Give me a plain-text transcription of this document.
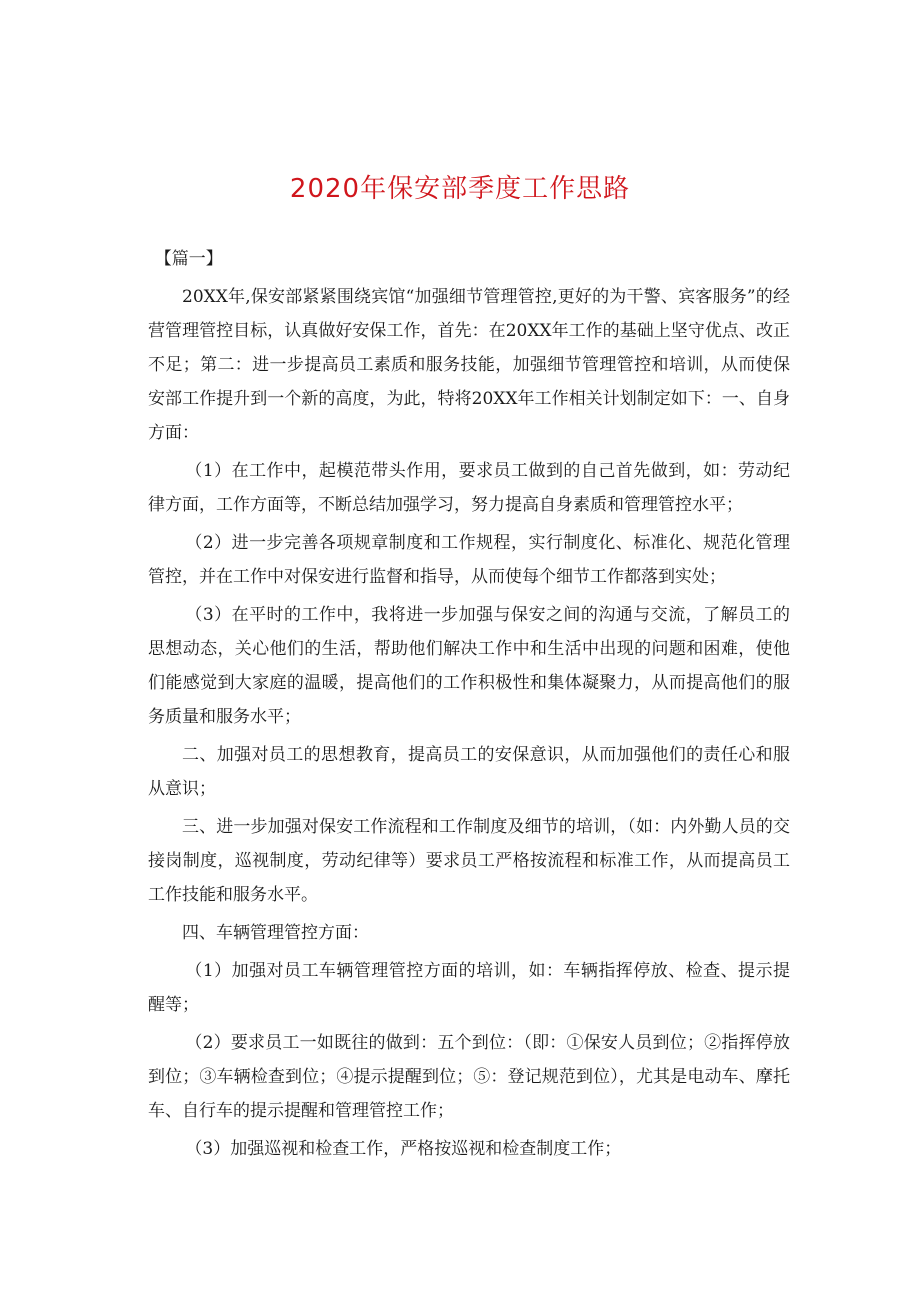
2020年保安部季度工作思路

【篇一】

20XX年,保安部紧紧围绕宾馆“加强细节管理管控,更好的为干警、宾客服务”的经营管理管控目标，认真做好安保工作，首先：在20XX年工作的基础上坚守优点、改正不足；第二：进一步提高员工素质和服务技能，加强细节管理管控和培训，从而使保安部工作提升到一个新的高度，为此，特将20XX年工作相关计划制定如下：一、自身方面：

（1）在工作中，起模范带头作用，要求员工做到的自己首先做到，如：劳动纪律方面，工作方面等，不断总结加强学习，努力提高自身素质和管理管控水平；

（2）进一步完善各项规章制度和工作规程，实行制度化、标准化、规范化管理管控，并在工作中对保安进行监督和指导，从而使每个细节工作都落到实处；

（3）在平时的工作中，我将进一步加强与保安之间的沟通与交流，了解员工的思想动态，关心他们的生活，帮助他们解决工作中和生活中出现的问题和困难，使他们能感觉到大家庭的温暖，提高他们的工作积极性和集体凝聚力，从而提高他们的服务质量和服务水平；

二、加强对员工的思想教育，提高员工的安保意识，从而加强他们的责任心和服从意识；

三、进一步加强对保安工作流程和工作制度及细节的培训，（如：内外勤人员的交接岗制度，巡视制度，劳动纪律等）要求员工严格按流程和标准工作，从而提高员工工作技能和服务水平。

四、车辆管理管控方面：

（1）加强对员工车辆管理管控方面的培训，如：车辆指挥停放、检查、提示提醒等；

（2）要求员工一如既往的做到：五个到位：（即：①保安人员到位；②指挥停放到位；③车辆检查到位；④提示提醒到位；⑤：登记规范到位），尤其是电动车、摩托车、自行车的提示提醒和管理管控工作；

（3）加强巡视和检查工作，严格按巡视和检查制度工作；
